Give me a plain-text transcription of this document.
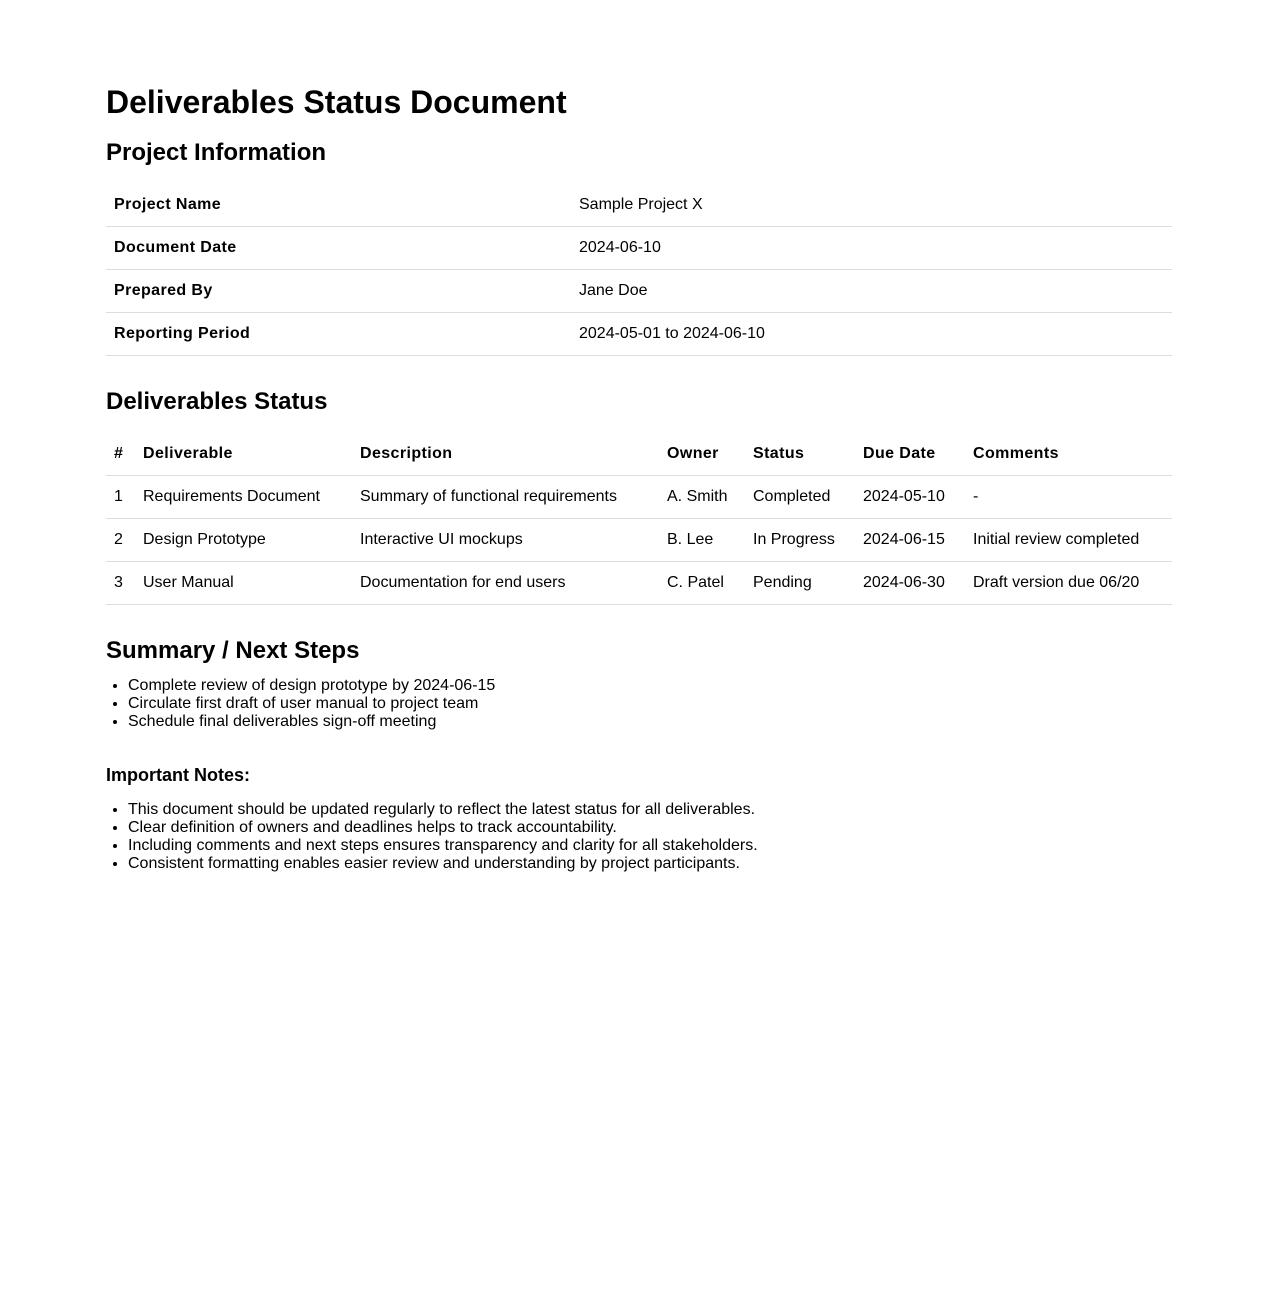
Deliverables Status Document
Project Information
Project Name	Sample Project X
Document Date	2024-06-10
Prepared By	Jane Doe
Reporting Period	2024-05-01 to 2024-06-10
Deliverables Status
#	Deliverable	Description	Owner	Status	Due Date	Comments
1	Requirements Document	Summary of functional requirements	A. Smith	Completed	2024-05-10	-
2	Design Prototype	Interactive UI mockups	B. Lee	In Progress	2024-06-15	Initial review completed
3	User Manual	Documentation for end users	C. Patel	Pending	2024-06-30	Draft version due 06/20
Summary / Next Steps
• Complete review of design prototype by 2024-06-15
• Circulate first draft of user manual to project team
• Schedule final deliverables sign-off meeting
Important Notes:
• This document should be updated regularly to reflect the latest status for all deliverables.
• Clear definition of owners and deadlines helps to track accountability.
• Including comments and next steps ensures transparency and clarity for all stakeholders.
• Consistent formatting enables easier review and understanding by project participants.
